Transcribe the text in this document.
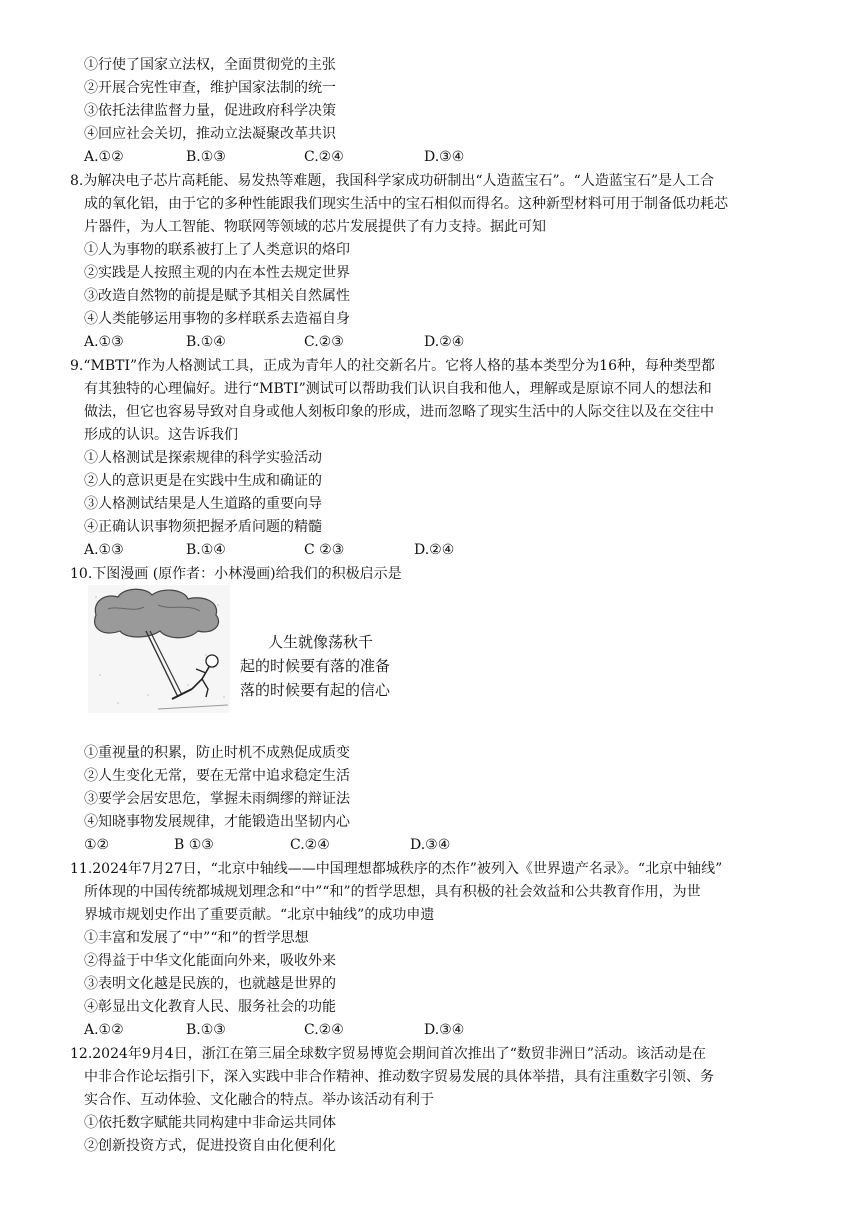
①行使了国家立法权，全面贯彻党的主张
②开展合宪性审查，维护国家法制的统一
③依托法律监督力量，促进政府科学决策
④回应社会关切，推动立法凝聚改革共识
A.①②	B.①③	C.②④	D.③④
8.为解决电子芯片高耗能、易发热等难题，我国科学家成功研制出“人造蓝宝石”。“人造蓝宝石”是人工合
成的氧化铝，由于它的多种性能跟我们现实生活中的宝石相似而得名。这种新型材料可用于制备低功耗芯
片器件，为人工智能、物联网等领域的芯片发展提供了有力支持。据此可知
①人为事物的联系被打上了人类意识的烙印
②实践是人按照主观的内在本性去规定世界
③改造自然物的前提是赋予其相关自然属性
④人类能够运用事物的多样联系去造福自身
A.①③	B.①④	C.②③	D.②④
9.“MBTI”作为人格测试工具，正成为青年人的社交新名片。它将人格的基本类型分为16种，每种类型都
有其独特的心理偏好。进行“MBTI”测试可以帮助我们认识自我和他人，理解或是原谅不同人的想法和
做法，但它也容易导致对自身或他人刻板印象的形成，进而忽略了现实生活中的人际交往以及在交往中
形成的认识。这告诉我们
①人格测试是探索规律的科学实验活动
②人的意识更是在实践中生成和确证的
③人格测试结果是人生道路的重要向导
④正确认识事物须把握矛盾问题的精髓
A.①③	B.①④	C ②③	D.②④
10.下图漫画 (原作者：小林漫画)给我们的积极启示是
人生就像荡秋千
起的时候要有落的准备
落的时候要有起的信心
①重视量的积累，防止时机不成熟促成质变
②人生变化无常，要在无常中追求稳定生活
③要学会居安思危，掌握未雨绸缪的辩证法
④知晓事物发展规律，才能锻造出坚韧内心
①②	B ①③	C.②④	D.③④
11.2024年7月27日，“北京中轴线——中国理想都城秩序的杰作”被列入《世界遗产名录》。“北京中轴线”
所体现的中国传统都城规划理念和“中”“和”的哲学思想，具有积极的社会效益和公共教育作用，为世
界城市规划史作出了重要贡献。“北京中轴线”的成功申遗
①丰富和发展了“中”“和”的哲学思想
②得益于中华文化能面向外来，吸收外来
③表明文化越是民族的，也就越是世界的
④彰显出文化教育人民、服务社会的功能
A.①②	B.①③	C.②④	D.③④
12.2024年9月4日，浙江在第三届全球数字贸易博览会期间首次推出了“数贸非洲日”活动。该活动是在
中非合作论坛指引下，深入实践中非合作精神、推动数字贸易发展的具体举措，具有注重数字引领、务
实合作、互动体验、文化融合的特点。举办该活动有利于
①依托数字赋能共同构建中非命运共同体
②创新投资方式，促进投资自由化便利化
